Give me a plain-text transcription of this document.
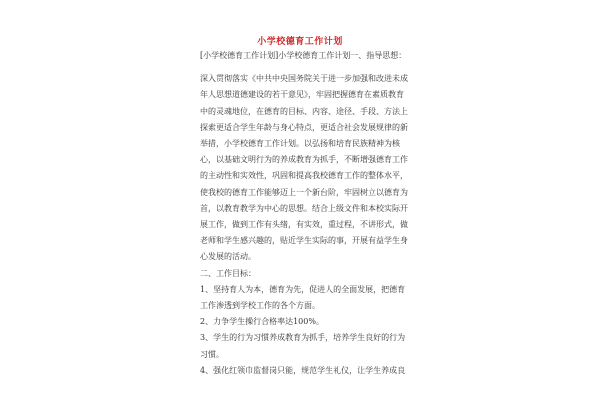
小学校德育工作计划

[小学校德育工作计划]小学校德育工作计划一、指导思想：

深入贯彻落实《中共中央国务院关于进一步加强和改进未成年人思想道德建设的若干意见》，牢固把握德育在素质教育中的灵魂地位，在德育的目标、内容、途径、手段、方法上探索更适合学生年龄与身心特点，更适合社会发展规律的新举措，小学校德育工作计划。以弘扬和培育民族精神为核心，以基础文明行为的养成教育为抓手，不断增强德育工作的主动性和实效性，巩固和提高我校德育工作的整体水平，使我校的德育工作能够迈上一个新台阶，牢固树立以德育为首，以教育教学为中心的思想。结合上级文件和本校实际开展工作，做到工作有头绪，有实效，重过程，不讲形式，做老师和学生感兴趣的，贴近学生实际的事，开展有益学生身心发展的活动。

二、工作目标：

1、坚持育人为本，德育为先，促进人的全面发展，把德育工作渗透到学校工作的各个方面。

2、力争学生操行合格率达100%。

3、学生的行为习惯养成教育为抓手，培养学生良好的行为习惯。

4、强化红领巾监督岗只能，规范学生礼仪，让学生养成良
